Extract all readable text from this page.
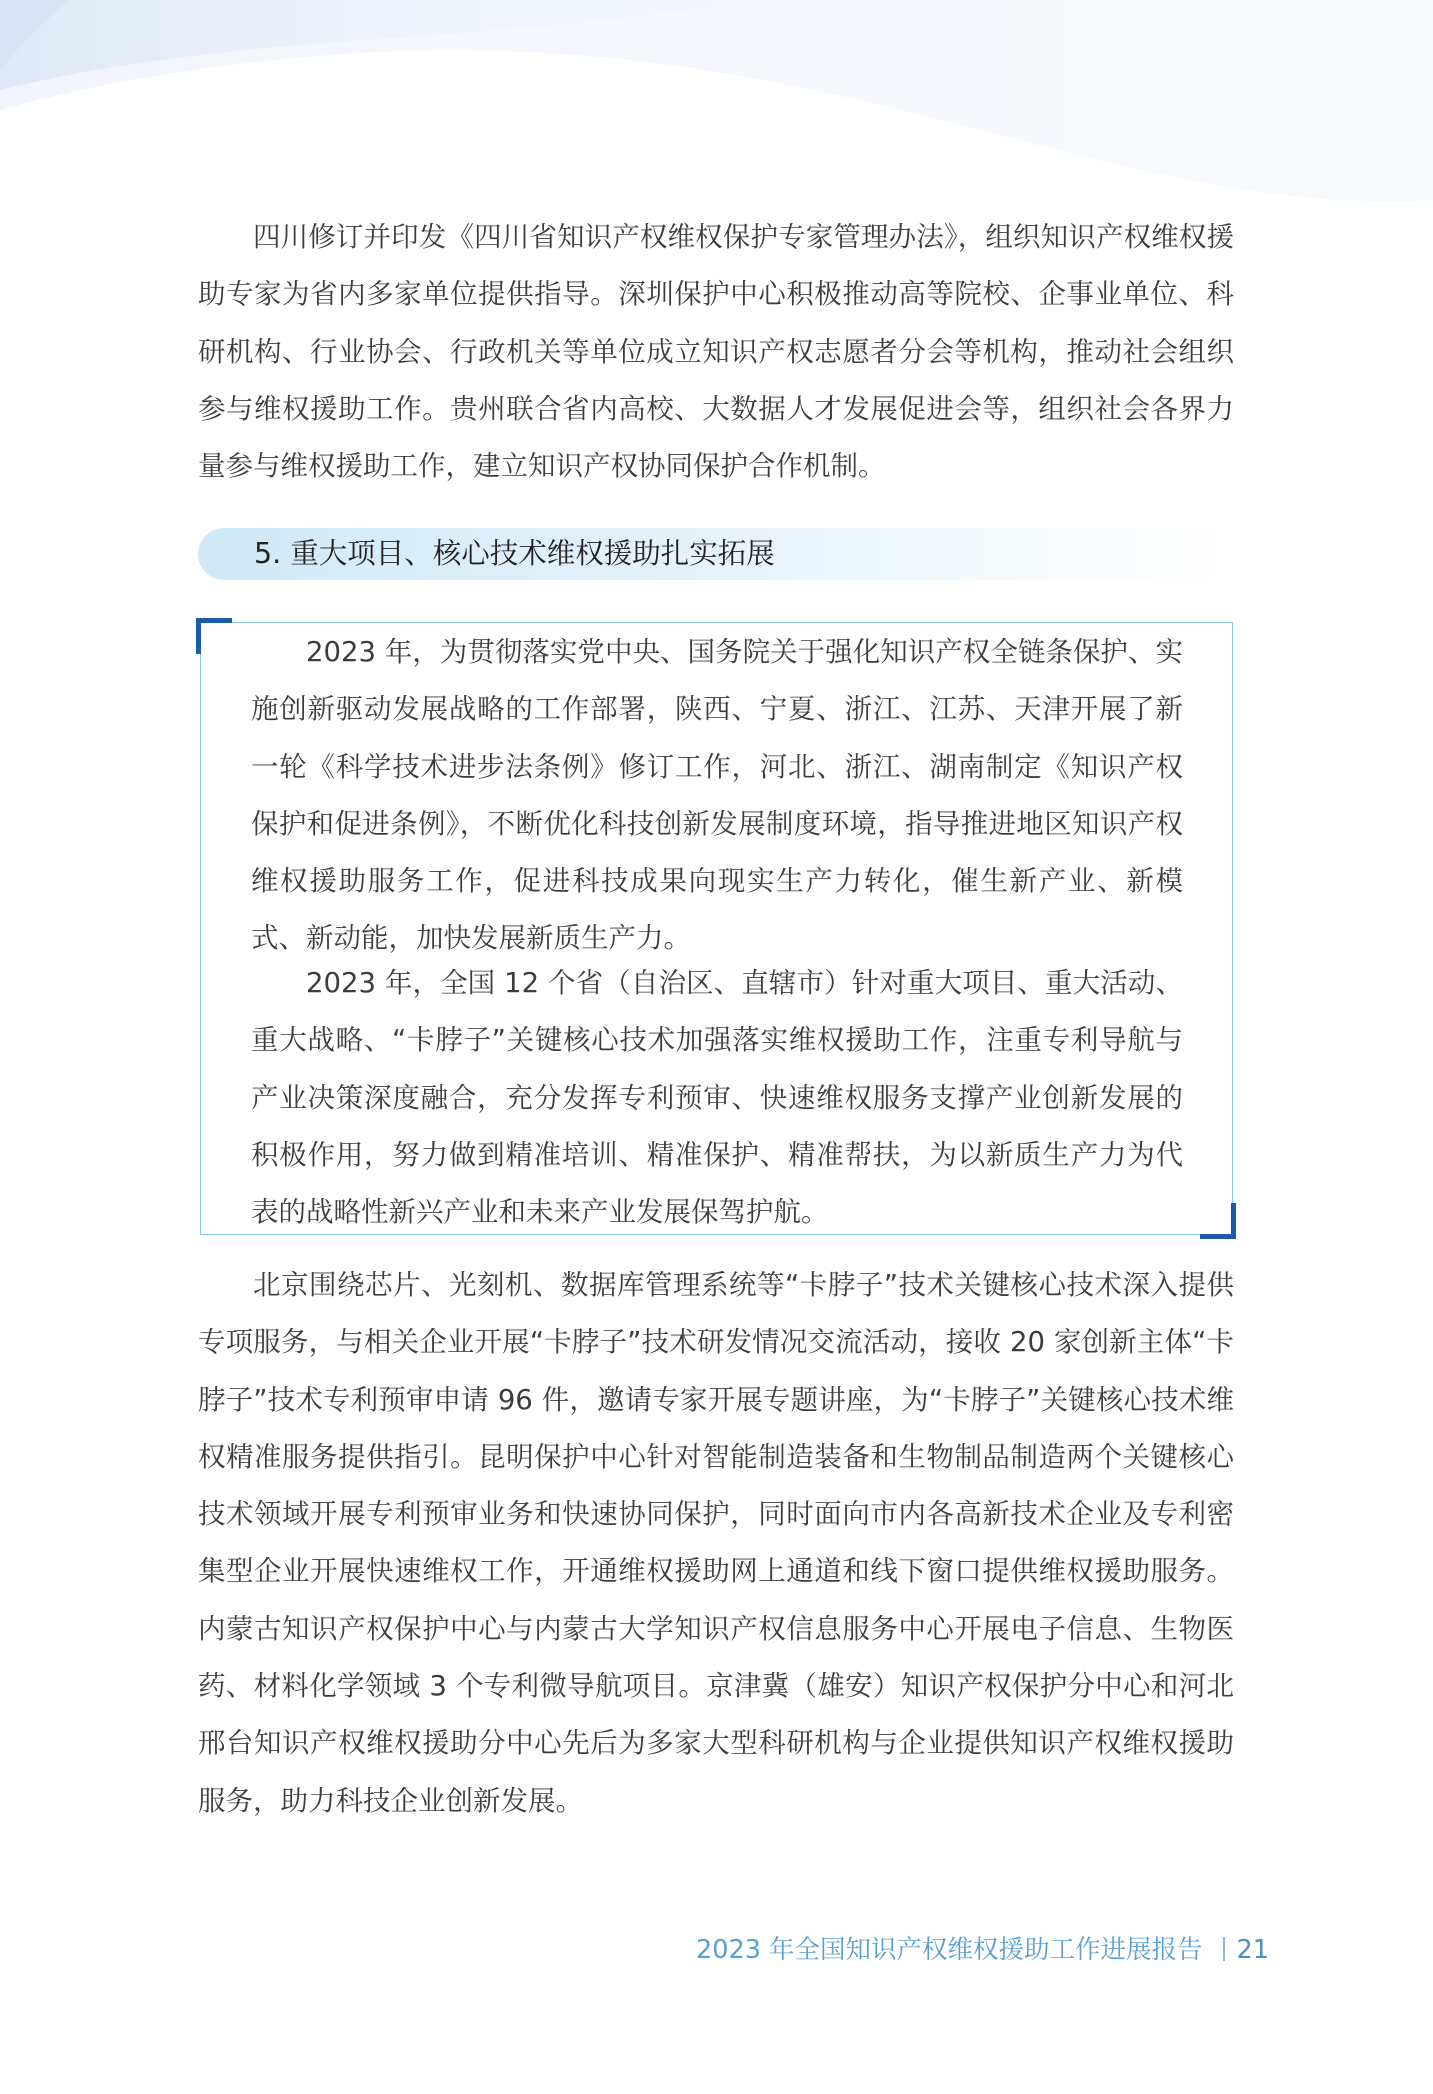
四川修订并印发《四川省知识产权维权保护专家管理办法》，组织知识产权维权援助专家为省内多家单位提供指导。深圳保护中心积极推动高等院校、企事业单位、科研机构、行业协会、行政机关等单位成立知识产权志愿者分会等机构，推动社会组织参与维权援助工作。贵州联合省内高校、大数据人才发展促进会等，组织社会各界力量参与维权援助工作，建立知识产权协同保护合作机制。

5. 重大项目、核心技术维权援助扎实拓展

2023 年，为贯彻落实党中央、国务院关于强化知识产权全链条保护、实施创新驱动发展战略的工作部署，陕西、宁夏、浙江、江苏、天津开展了新一轮《科学技术进步法条例》修订工作，河北、浙江、湖南制定《知识产权保护和促进条例》，不断优化科技创新发展制度环境，指导推进地区知识产权维权援助服务工作，促进科技成果向现实生产力转化，催生新产业、新模式、新动能，加快发展新质生产力。

2023 年，全国 12 个省（自治区、直辖市）针对重大项目、重大活动、重大战略、“卡脖子”关键核心技术加强落实维权援助工作，注重专利导航与产业决策深度融合，充分发挥专利预审、快速维权服务支撑产业创新发展的积极作用，努力做到精准培训、精准保护、精准帮扶，为以新质生产力为代表的战略性新兴产业和未来产业发展保驾护航。

北京围绕芯片、光刻机、数据库管理系统等“卡脖子”技术关键核心技术深入提供专项服务，与相关企业开展“卡脖子”技术研发情况交流活动，接收 20 家创新主体“卡脖子”技术专利预审申请 96 件，邀请专家开展专题讲座，为“卡脖子”关键核心技术维权精准服务提供指引。昆明保护中心针对智能制造装备和生物制品制造两个关键核心技术领域开展专利预审业务和快速协同保护，同时面向市内各高新技术企业及专利密集型企业开展快速维权工作，开通维权援助网上通道和线下窗口提供维权援助服务。内蒙古知识产权保护中心与内蒙古大学知识产权信息服务中心开展电子信息、生物医药、材料化学领域 3 个专利微导航项目。京津冀（雄安）知识产权保护分中心和河北邢台知识产权维权援助分中心先后为多家大型科研机构与企业提供知识产权维权援助服务，助力科技企业创新发展。

2023 年全国知识产权维权援助工作进展报告 21
